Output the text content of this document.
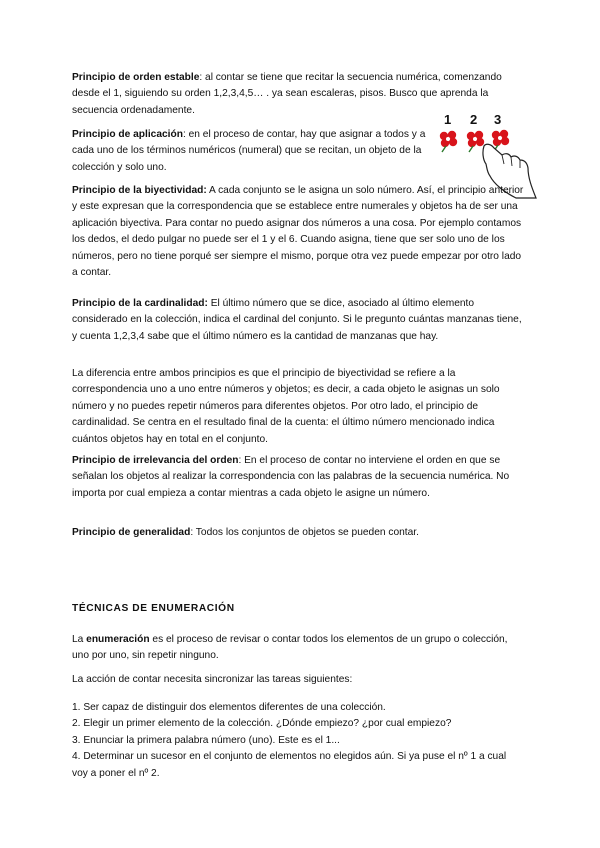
Principio de orden estable: al contar se tiene que recitar la secuencia numérica, comenzando desde el 1, siguiendo su orden 1,2,3,4,5… . ya sean escaleras, pisos. Busco que aprenda la secuencia ordenadamente.

Principio de aplicación: en el proceso de contar, hay que asignar a todos y a cada uno de los términos numéricos (numeral) que se recitan, un objeto de la colección y solo uno.

1 2 3

Principio de la biyectividad: A cada conjunto se le asigna un solo número. Así, el principio anterior y este expresan que la correspondencia que se establece entre numerales y objetos ha de ser una aplicación biyectiva. Para contar no puedo asignar dos números a una cosa. Por ejemplo contamos los dedos, el dedo pulgar no puede ser el 1 y el 6. Cuando asigna, tiene que ser solo uno de los números, pero no tiene porqué ser siempre el mismo, porque otra vez puede empezar por otro lado a contar.

Principio de la cardinalidad: El último número que se dice, asociado al último elemento considerado en la colección, indica el cardinal del conjunto. Si le pregunto cuántas manzanas tiene, y cuenta 1,2,3,4 sabe que el último número es la cantidad de manzanas que hay.

La diferencia entre ambos principios es que el principio de biyectividad se refiere a la correspondencia uno a uno entre números y objetos; es decir, a cada objeto le asignas un solo número y no puedes repetir números para diferentes objetos. Por otro lado, el principio de cardinalidad. Se centra en el resultado final de la cuenta: el último número mencionado indica cuántos objetos hay en total en el conjunto.

Principio de irrelevancia del orden: En el proceso de contar no interviene el orden en que se señalan los objetos al realizar la correspondencia con las palabras de la secuencia numérica. No importa por cual empieza a contar mientras a cada objeto le asigne un número.

Principio de generalidad: Todos los conjuntos de objetos se pueden contar.

TÉCNICAS DE ENUMERACIÓN

La enumeración es el proceso de revisar o contar todos los elementos de un grupo o colección, uno por uno, sin repetir ninguno.

La acción de contar necesita sincronizar las tareas siguientes:

1. Ser capaz de distinguir dos elementos diferentes de una colección.
2. Elegir un primer elemento de la colección. ¿Dónde empiezo? ¿por cual empiezo?
3. Enunciar la primera palabra número (uno). Este es el 1...
4. Determinar un sucesor en el conjunto de elementos no elegidos aún. Si ya puse el nº 1 a cual voy a poner el nº 2.
